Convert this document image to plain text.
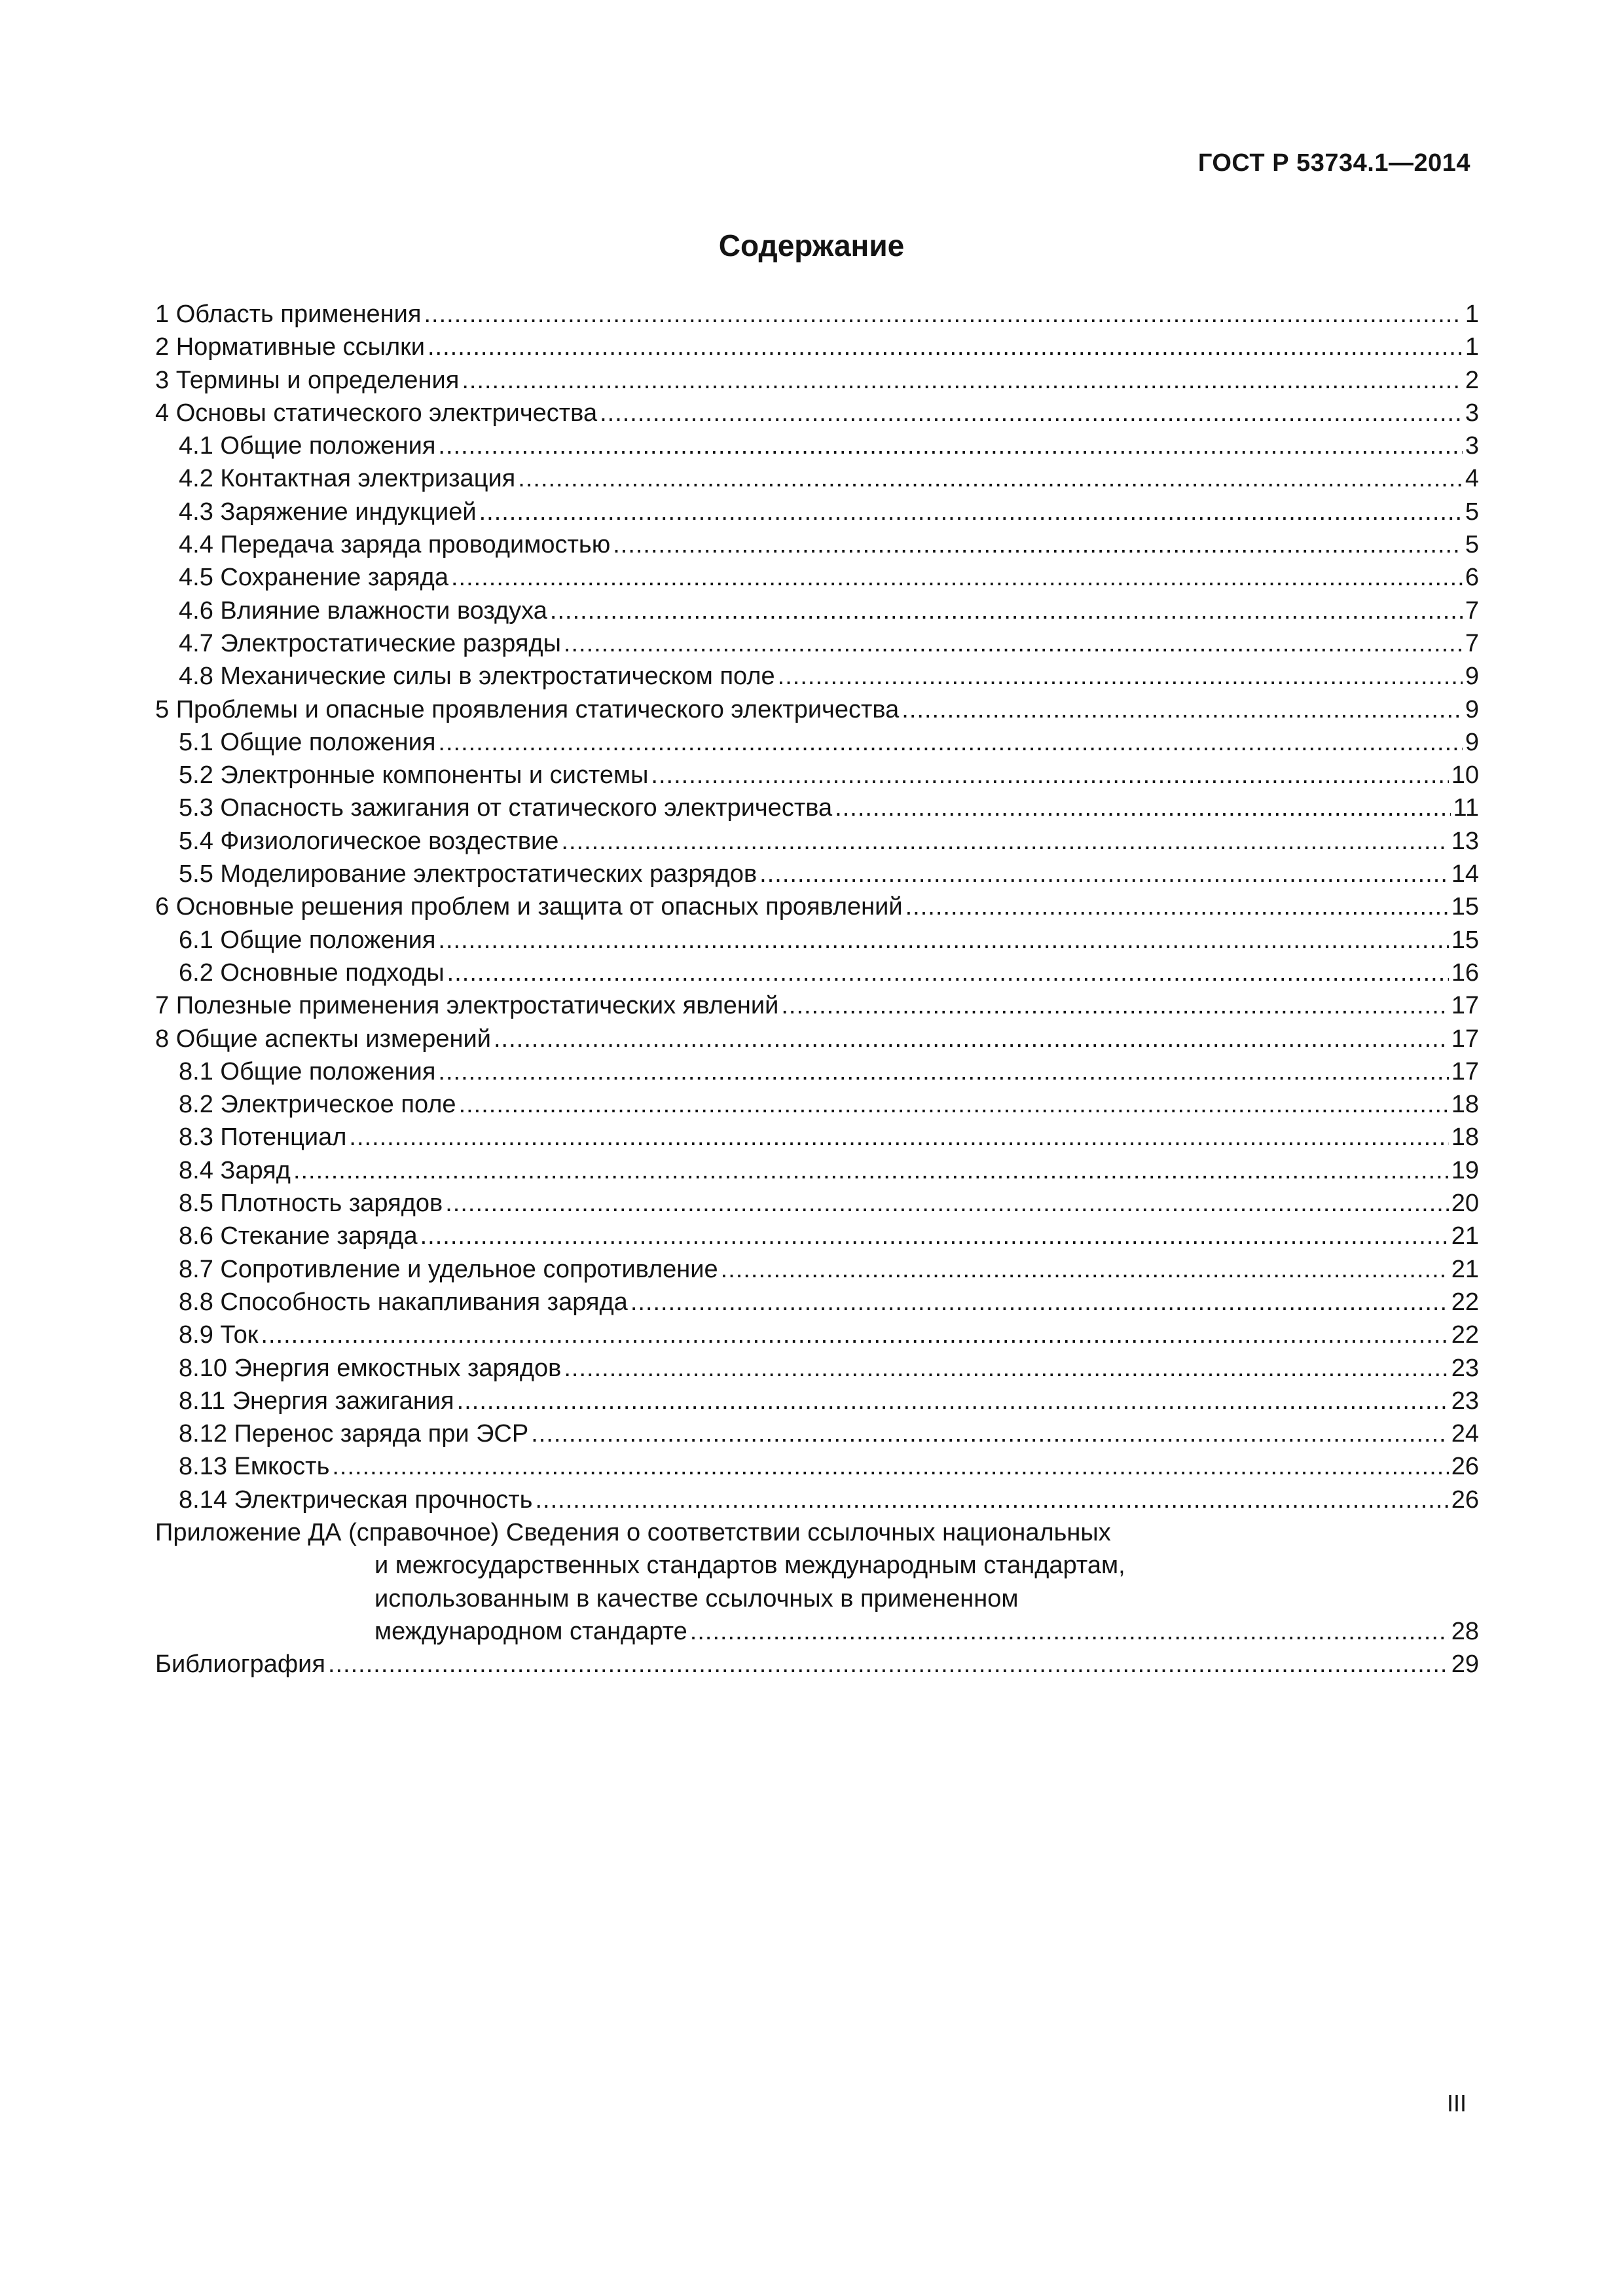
ГОСТ Р 53734.1—2014
Содержание
1 Область применения .....	1
2 Нормативные ссылки .....	1
3 Термины и определения .....	2
4 Основы статического электричества .....	3
4.1 Общие положения .....	3
4.2 Контактная электризация .....	4
4.3 Заряжение индукцией .....	5
4.4 Передача заряда проводимостью .....	5
4.5 Сохранение заряда .....	6
4.6 Влияние влажности воздуха .....	7
4.7 Электростатические разряды .....	7
4.8 Механические силы в электростатическом поле .....	9
5 Проблемы и опасные проявления статического электричества .....	9
5.1 Общие положения .....	9
5.2 Электронные компоненты и системы .....	10
5.3 Опасность зажигания от статического электричества .....	11
5.4 Физиологическое воздествие .....	13
5.5 Моделирование электростатических разрядов .....	14
6 Основные решения проблем и защита от опасных проявлений .....	15
6.1 Общие положения .....	15
6.2 Основные подходы .....	16
7 Полезные применения электростатических явлений .....	17
8 Общие аспекты измерений .....	17
8.1 Общие положения .....	17
8.2 Электрическое поле .....	18
8.3 Потенциал .....	18
8.4 Заряд .....	19
8.5 Плотность зарядов .....	20
8.6 Стекание заряда .....	21
8.7 Сопротивление и удельное сопротивление .....	21
8.8 Способность накапливания заряда .....	22
8.9 Ток .....	22
8.10 Энергия емкостных зарядов .....	23
8.11 Энергия зажигания .....	23
8.12 Перенос заряда при ЭСР .....	24
8.13 Емкость .....	26
8.14 Электрическая прочность .....	26
Приложение ДА (справочное) Сведения о соответствии ссылочных национальных
и межгосударственных стандартов международным стандартам,
использованным в качестве ссылочных в примененном
международном стандарте .....	28
Библиография .....	29
III
